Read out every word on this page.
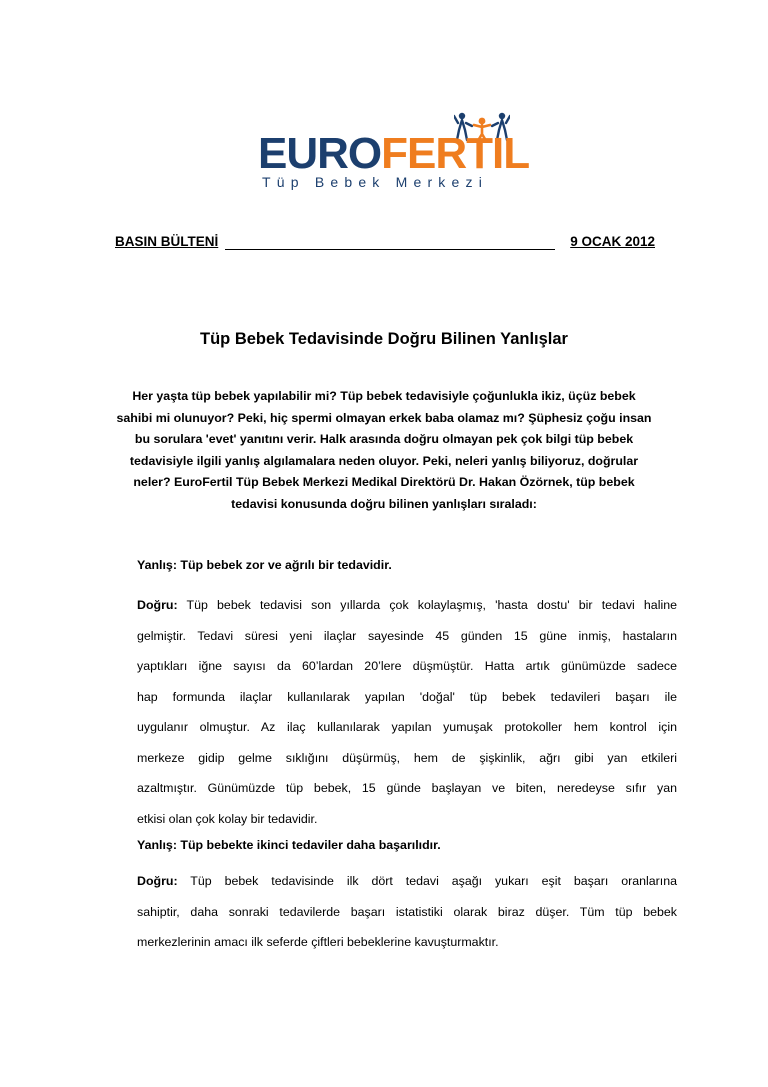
EUROFERTIL
Tüp Bebek Merkezi
BASIN BÜLTENİ	9 OCAK 2012
Tüp Bebek Tedavisinde Doğru Bilinen Yanlışlar
Her yaşta tüp bebek yapılabilir mi? Tüp bebek tedavisiyle çoğunlukla ikiz, üçüz bebek
sahibi mi olunuyor? Peki, hiç spermi olmayan erkek baba olamaz mı? Şüphesiz çoğu insan
bu sorulara 'evet' yanıtını verir. Halk arasında doğru olmayan pek çok bilgi tüp bebek
tedavisiyle ilgili yanlış algılamalara neden oluyor. Peki, neleri yanlış biliyoruz, doğrular
neler? EuroFertil Tüp Bebek Merkezi Medikal Direktörü Dr. Hakan Özörnek, tüp bebek
tedavisi konusunda doğru bilinen yanlışları sıraladı:
Yanlış: Tüp bebek zor ve ağrılı bir tedavidir.
Doğru: Tüp bebek tedavisi son yıllarda çok kolaylaşmış, 'hasta dostu' bir tedavi haline
gelmiştir. Tedavi süresi yeni ilaçlar sayesinde 45 günden 15 güne inmiş, hastaların
yaptıkları iğne sayısı da 60’lardan 20’lere düşmüştür. Hatta artık günümüzde sadece
hap formunda ilaçlar kullanılarak yapılan 'doğal' tüp bebek tedavileri başarı ile
uygulanır olmuştur. Az ilaç kullanılarak yapılan yumuşak protokoller hem kontrol için
merkeze gidip gelme sıklığını düşürmüş, hem de şişkinlik, ağrı gibi yan etkileri
azaltmıştır. Günümüzde tüp bebek, 15 günde başlayan ve biten, neredeyse sıfır yan
etkisi olan çok kolay bir tedavidir.
Yanlış: Tüp bebekte ikinci tedaviler daha başarılıdır.
Doğru: Tüp bebek tedavisinde ilk dört tedavi aşağı yukarı eşit başarı oranlarına
sahiptir, daha sonraki tedavilerde başarı istatistiki olarak biraz düşer. Tüm tüp bebek
merkezlerinin amacı ilk seferde çiftleri bebeklerine kavuşturmaktır.
